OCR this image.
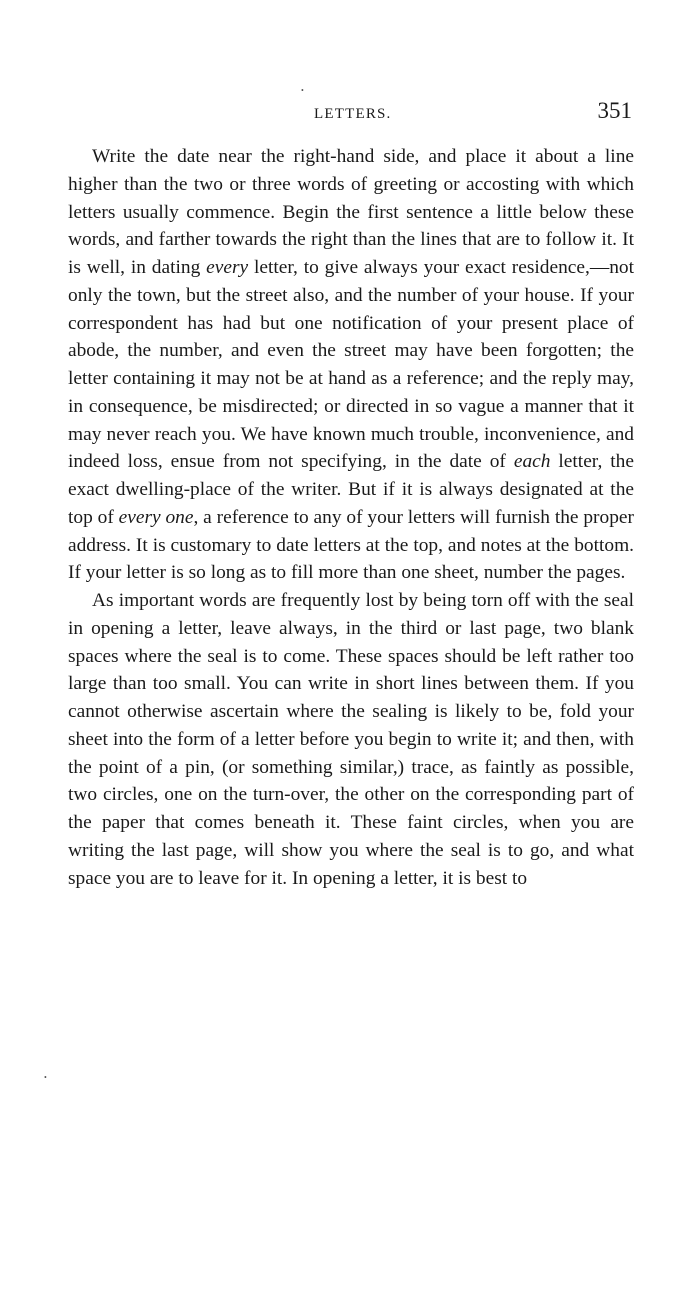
•
LETTERS.	351

Write the date near the right-hand side, and place it about a line higher than the two or three words of greeting or accosting with which letters usually commence. Begin the first sentence a little below these words, and farther towards the right than the lines that are to follow it. It is well, in dating every letter, to give always your exact residence,—not only the town, but the street also, and the number of your house. If your correspondent has had but one notification of your present place of abode, the number, and even the street may have been forgotten; the letter containing it may not be at hand as a reference; and the reply may, in consequence, be misdirected; or directed in so vague a manner that it may never reach you. We have known much trouble, inconvenience, and indeed loss, ensue from not specifying, in the date of each letter, the exact dwelling-place of the writer. But if it is always designated at the top of every one, a reference to any of your letters will furnish the proper address. It is customary to date letters at the top, and notes at the bottom. If your letter is so long as to fill more than one sheet, number the pages.

As important words are frequently lost by being torn off with the seal in opening a letter, leave always, in the third or last page, two blank spaces where the seal is to come. These spaces should be left rather too large than too small. You can write in short lines between them. If you cannot otherwise ascertain where the sealing is likely to be, fold your sheet into the form of a letter before you begin to write it; and then, with the point of a pin, (or something similar,) trace, as faintly as possible, two circles, one on the turn-over, the other on the corresponding part of the paper that comes beneath it. These faint circles, when you are writing the last page, will show you where the seal is to go, and what space you are to leave for it. In opening a letter, it is best to

•
